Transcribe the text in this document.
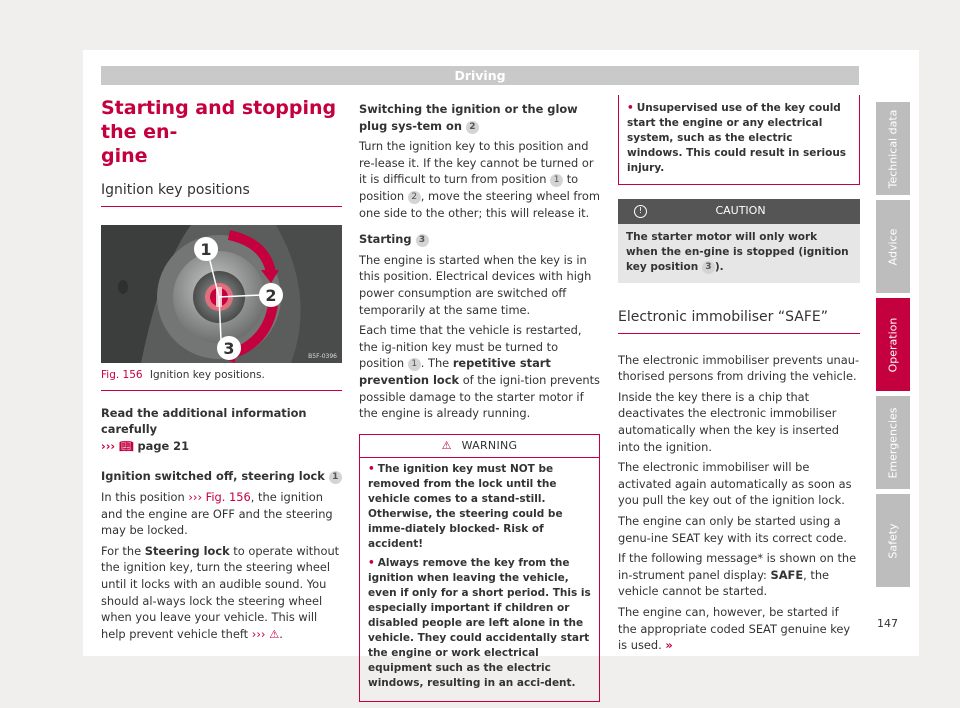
Driving
Starting and stopping the en-
gine
Ignition key positions
1
2
3	B5F-0396
Fig. 156 Ignition key positions.

Read the additional information carefully
››› 📖︎ page 21

Ignition switched off, steering lock 1

In this position ››› Fig. 156, the ignition and the engine are OFF and the steering may be locked.

For the Steering lock to operate without the ignition key, turn the steering wheel until it locks with an audible sound. You should al-ways lock the steering wheel when you leave your vehicle. This will help prevent vehicle theft ››› ⚠.

Switching the ignition or the glow plug sys-tem on 2

Turn the ignition key to this position and re-lease it. If the key cannot be turned or it is difficult to turn from position 1 to position 2 , move the steering wheel from one side to the other; this will release it.

Starting 3

The engine is started when the key is in this position. Electrical devices with high power consumption are switched off temporarily at the same time.

Each time that the vehicle is restarted, the ig-nition key must be turned to position 1 . The repetitive start prevention lock of the igni-tion prevents possible damage to the starter motor if the engine is already running.

⚠ WARNING

• The ignition key must NOT be removed from the lock until the vehicle comes to a stand-still. Otherwise, the steering could be imme-diately blocked- Risk of accident!

• Always remove the key from the ignition when leaving the vehicle, even if only for a short period. This is especially important if children or disabled people are left alone in the vehicle. They could accidentally start the engine or work electrical equipment such as the electric windows, resulting in an acci-dent.

• Unsupervised use of the key could start the engine or any electrical system, such as the electric windows. This could result in serious injury.
!	CAUTION
The starter motor will only work when the en-gine is stopped (ignition key position 3 ).
Electronic immobiliser “SAFE”

The electronic immobiliser prevents unau-thorised persons from driving the vehicle.

Inside the key there is a chip that deactivates the electronic immobiliser automatically when the key is inserted into the ignition.

The electronic immobiliser will be activated again automatically as soon as you pull the key out of the ignition lock.

The engine can only be started using a genu-ine SEAT key with its correct code.

If the following message* is shown on the in-strument panel display: SAFE, the vehicle cannot be started.

The engine can, however, be started if the appropriate coded SEAT genuine key is used. »

Technical data
Advice
Operation
Emergencies
Safety
147
